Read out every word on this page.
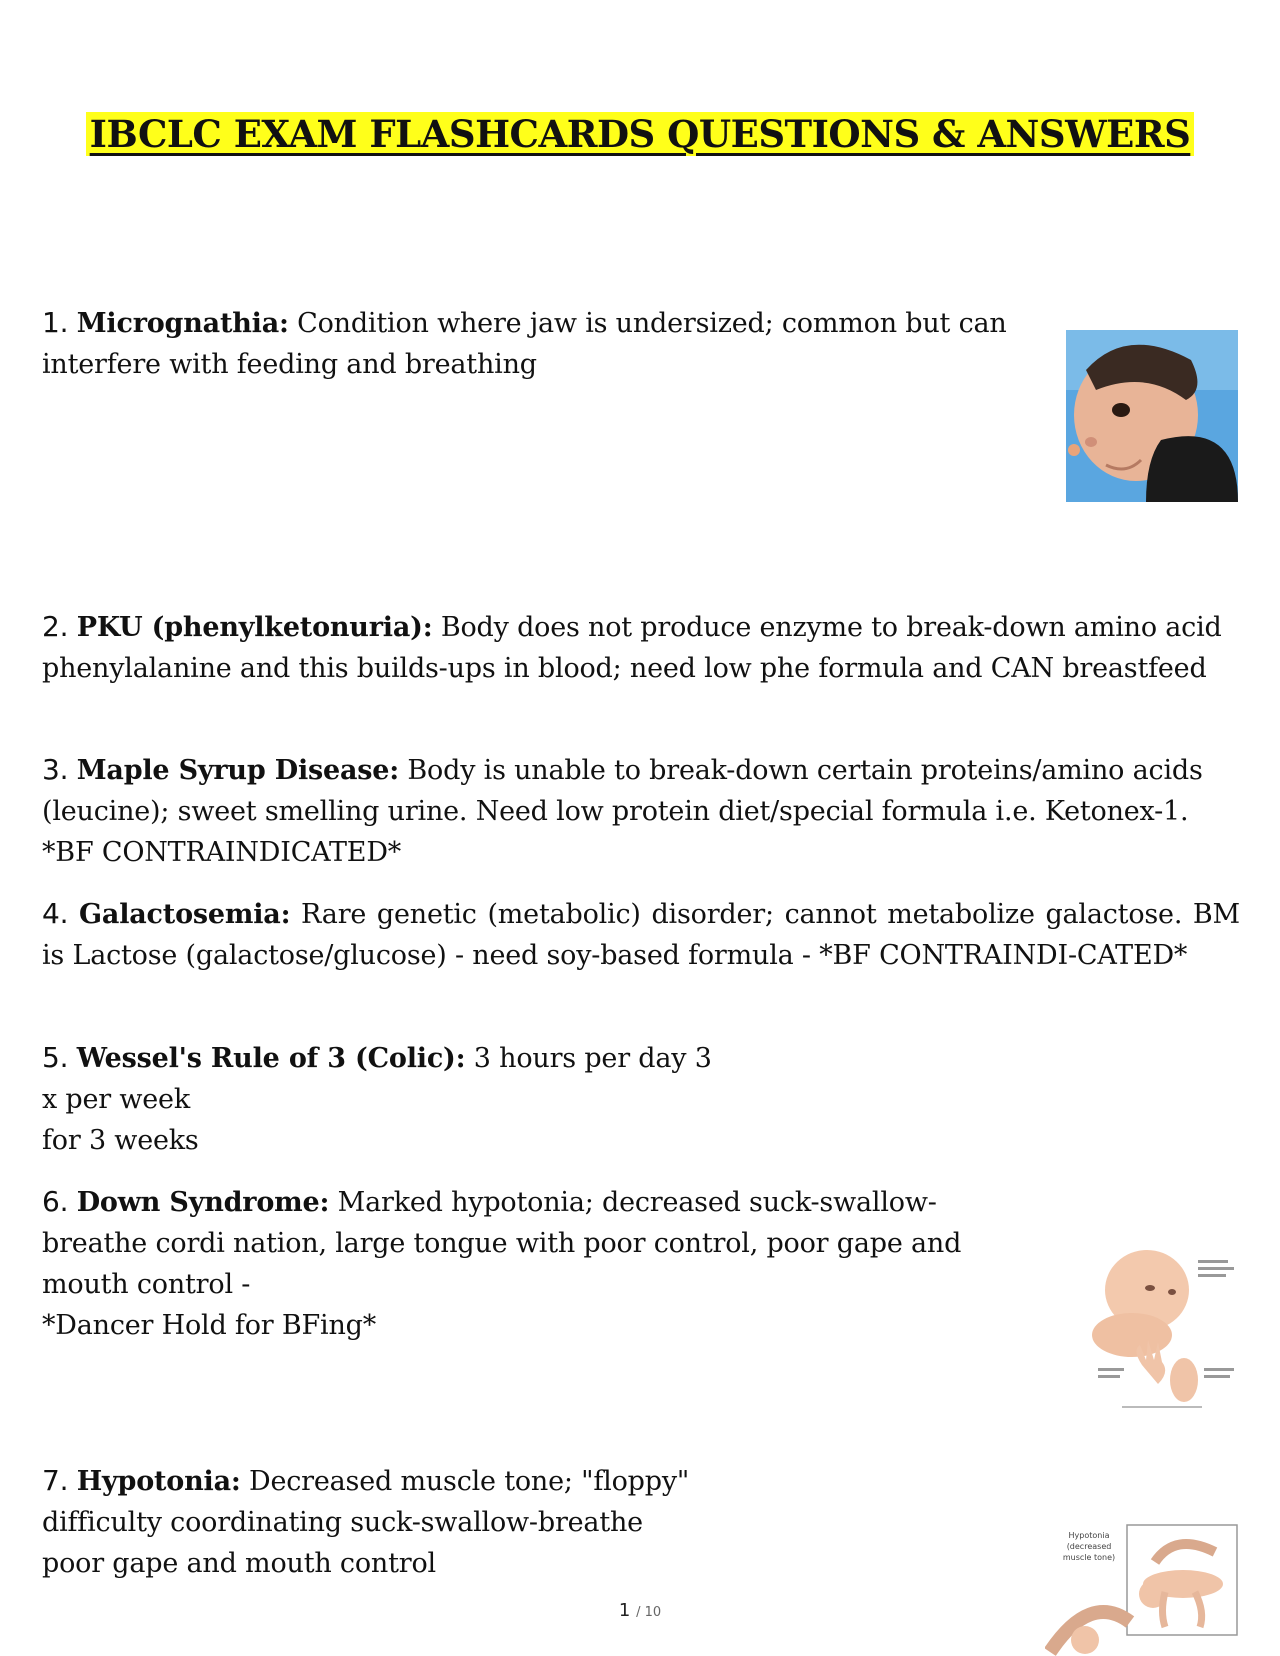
IBCLC EXAM FLASHCARDS QUESTIONS & ANSWERS
1. Micrognathia: Condition where jaw is undersized; common but can interfere with feeding and breathing
2. PKU (phenylketonuria): Body does not produce enzyme to break-down amino acid phenylalanine and this builds-ups in blood; need low phe formula and CAN breastfeed
3. Maple Syrup Disease: Body is unable to break-down certain proteins/amino acids (leucine); sweet smelling urine. Need low protein diet/special formula i.e. Ketonex-1. *BF CONTRAINDICATED*
4. Galactosemia: Rare genetic (metabolic) disorder; cannot metabolize galactose. BM is Lactose (galactose/glucose) - need soy-based formula - *BF CONTRAINDI-CATED*
5. Wessel's Rule of 3 (Colic): 3 hours per day 3
x per week
for 3 weeks
6. Down Syndrome: Marked hypotonia; decreased suck-swallow-breathe cordi nation, large tongue with poor control, poor gape and mouth control -
*Dancer Hold for BFing*
7. Hypotonia: Decreased muscle tone; "floppy"
difficulty coordinating suck-swallow-breathe
poor gape and mouth control
Hypotonia (decreased muscle tone)
1 / 10
